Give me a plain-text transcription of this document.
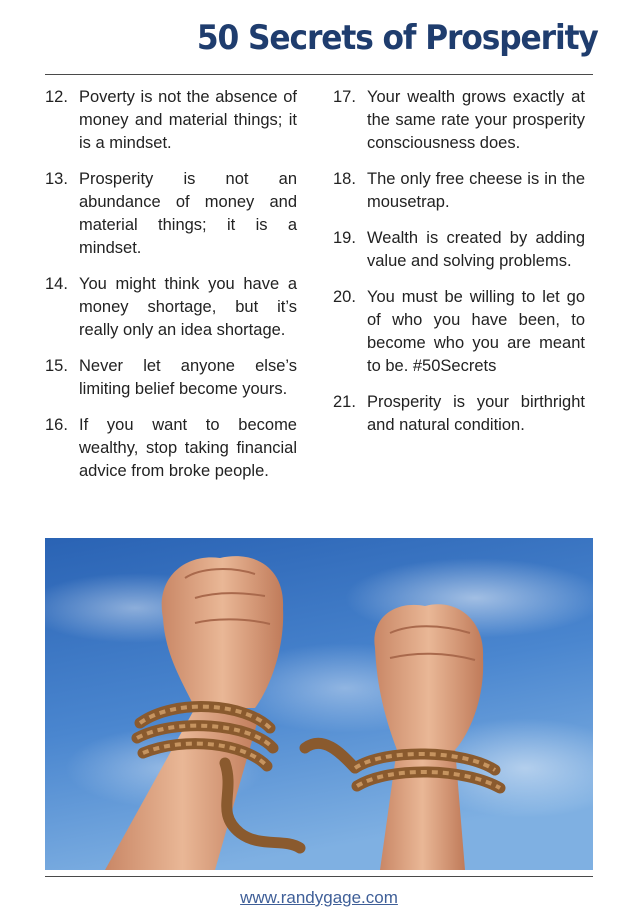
50 Secrets of Prosperity
12. Poverty is not the absence of money and material things; it is a mindset.
13. Prosperity is not an abundance of money and material things; it is a mindset.
14. You might think you have a money shortage, but it’s really only an idea shortage.
15. Never let anyone else’s limiting belief become yours.
16. If you want to become wealthy, stop taking financial advice from broke people.
17. Your wealth grows exactly at the same rate your prosperity consciousness does.
18. The only free cheese is in the mousetrap.
19. Wealth is created by adding value and solving problems.
20. You must be willing to let go of who you have been, to become who you are meant to be. #50Secrets
21. Prosperity is your birthright and natural condition.
www.randygage.com
